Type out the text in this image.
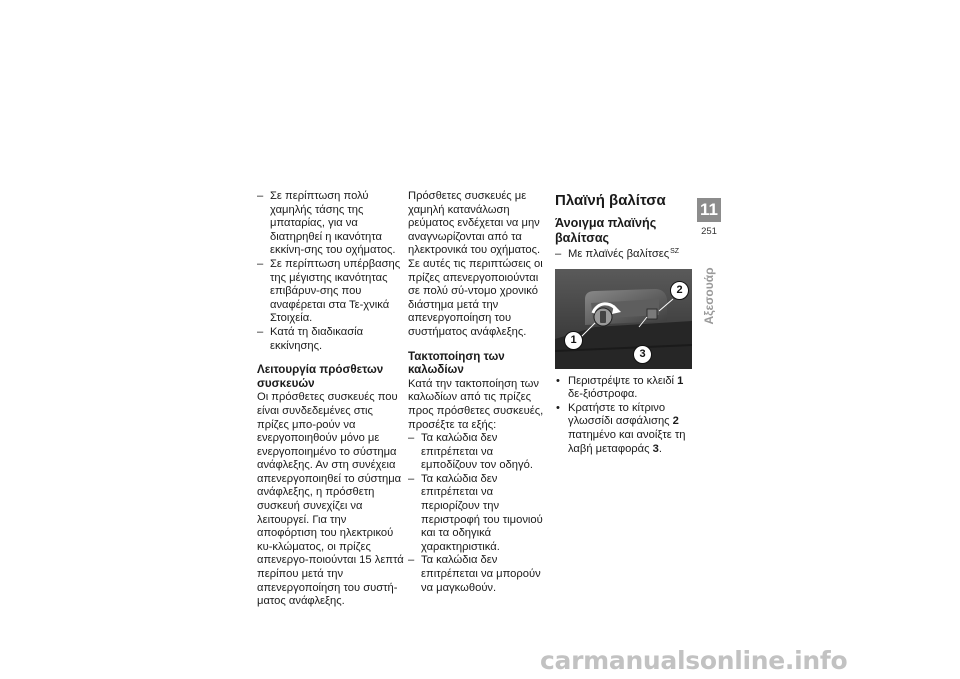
– Σε περίπτωση πολύ χαμηλής τάσης της μπαταρίας, για να διατηρηθεί η ικανότητα εκκίνη-σης του οχήματος.

– Σε περίπτωση υπέρβασης της μέγιστης ικανότητας επιβάρυν-σης που αναφέρεται στα Τε-χνικά Στοιχεία.

– Κατά τη διαδικασία εκκίνησης.

Λειτουργία πρόσθετων συσκευών

Οι πρόσθετες συσκευές που είναι συνδεδεμένες στις πρίζες μπο-ρούν να ενεργοποιηθούν μόνο με ενεργοποιημένο το σύστημα ανάφλεξης. Αν στη συνέχεια απενεργοποιηθεί το σύστημα ανάφλεξης, η πρόσθετη συσκευή συνεχίζει να λειτουργεί. Για την αποφόρτιση του ηλεκτρικού κυ-κλώματος, οι πρίζες απενεργο-ποιούνται 15 λεπτά περίπου μετά την απενεργοποίηση του συστή-ματος ανάφλεξης.

Πρόσθετες συσκευές με χαμηλή κατανάλωση ρεύματος ενδέχεται να μην αναγνωρίζονται από τα ηλεκτρονικά του οχήματος. Σε αυτές τις περιπτώσεις οι πρίζες απενεργοποιούνται σε πολύ σύ-ντομο χρονικό διάστημα μετά την απενεργοποίηση του συστήματος ανάφλεξης.

Τακτοποίηση των καλωδίων

Κατά την τακτοποίηση των καλωδίων από τις πρίζες προς πρόσθετες συσκευές, προσέξτε τα εξής:

– Τα καλώδια δεν επιτρέπεται να εμποδίζουν τον οδηγό.

– Τα καλώδια δεν επιτρέπεται να περιορίζουν την περιστροφή του τιμονιού και τα οδηγικά χαρακτηριστικά.

– Τα καλώδια δεν επιτρέπεται να μπορούν να μαγκωθούν.

Πλαϊνή βαλίτσα
Άνοιγμα πλαϊνής βαλίτσας

– Με πλαϊνές βαλίτσες$^{SZ}$

2
1
3

• Περιστρέψτε το κλειδί 1 δε-ξιόστροφα.

• Κρατήστε το κίτρινο γλωσσίδι ασφάλισης 2 πατημένο και ανοίξτε τη λαβή μεταφοράς 3.

11
251
Αξεσουάρ
carmanualsonline.info
